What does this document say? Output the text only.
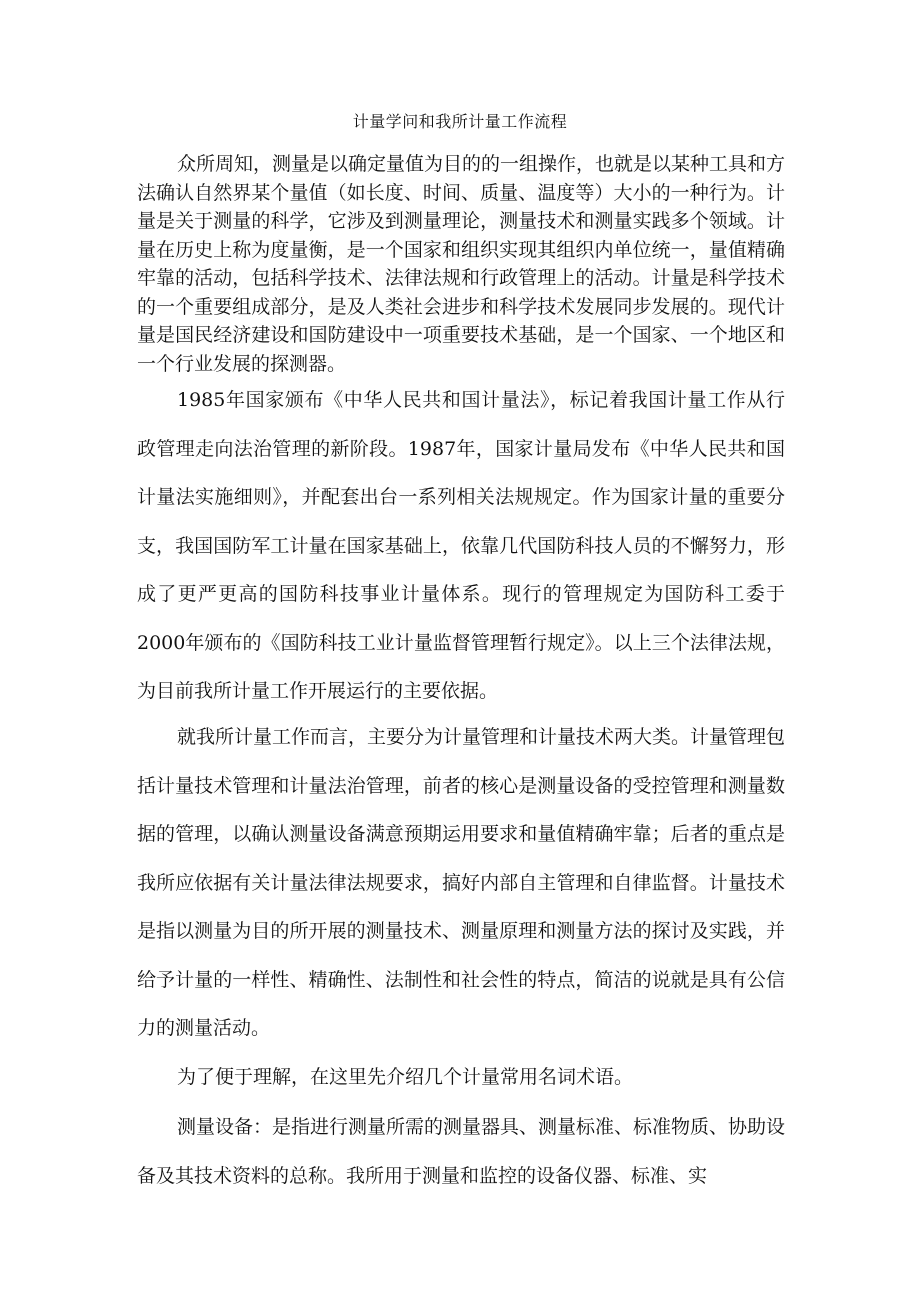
计量学问和我所计量工作流程

众所周知，测量是以确定量值为目的的一组操作，也就是以某种工具和方法确认自然界某个量值（如长度、时间、质量、温度等）大小的一种行为。计量是关于测量的科学，它涉及到测量理论，测量技术和测量实践多个领域。计量在历史上称为度量衡，是一个国家和组织实现其组织内单位统一，量值精确牢靠的活动，包括科学技术、法律法规和行政管理上的活动。计量是科学技术的一个重要组成部分，是及人类社会进步和科学技术发展同步发展的。现代计量是国民经济建设和国防建设中一项重要技术基础，是一个国家、一个地区和一个行业发展的探测器。

1985年国家颁布《中华人民共和国计量法》，标记着我国计量工作从行政管理走向法治管理的新阶段。1987年，国家计量局发布《中华人民共和国计量法实施细则》，并配套出台一系列相关法规规定。作为国家计量的重要分支，我国国防军工计量在国家基础上，依靠几代国防科技人员的不懈努力，形成了更严更高的国防科技事业计量体系。现行的管理规定为国防科工委于2000年颁布的《国防科技工业计量监督管理暂行规定》。以上三个法律法规，为目前我所计量工作开展运行的主要依据。

就我所计量工作而言，主要分为计量管理和计量技术两大类。计量管理包括计量技术管理和计量法治管理，前者的核心是测量设备的受控管理和测量数据的管理，以确认测量设备满意预期运用要求和量值精确牢靠；后者的重点是我所应依据有关计量法律法规要求，搞好内部自主管理和自律监督。计量技术是指以测量为目的所开展的测量技术、测量原理和测量方法的探讨及实践，并给予计量的一样性、精确性、法制性和社会性的特点，简洁的说就是具有公信力的测量活动。

为了便于理解，在这里先介绍几个计量常用名词术语。

测量设备：是指进行测量所需的测量器具、测量标准、标准物质、协助设备及其技术资料的总称。我所用于测量和监控的设备仪器、标准、实
